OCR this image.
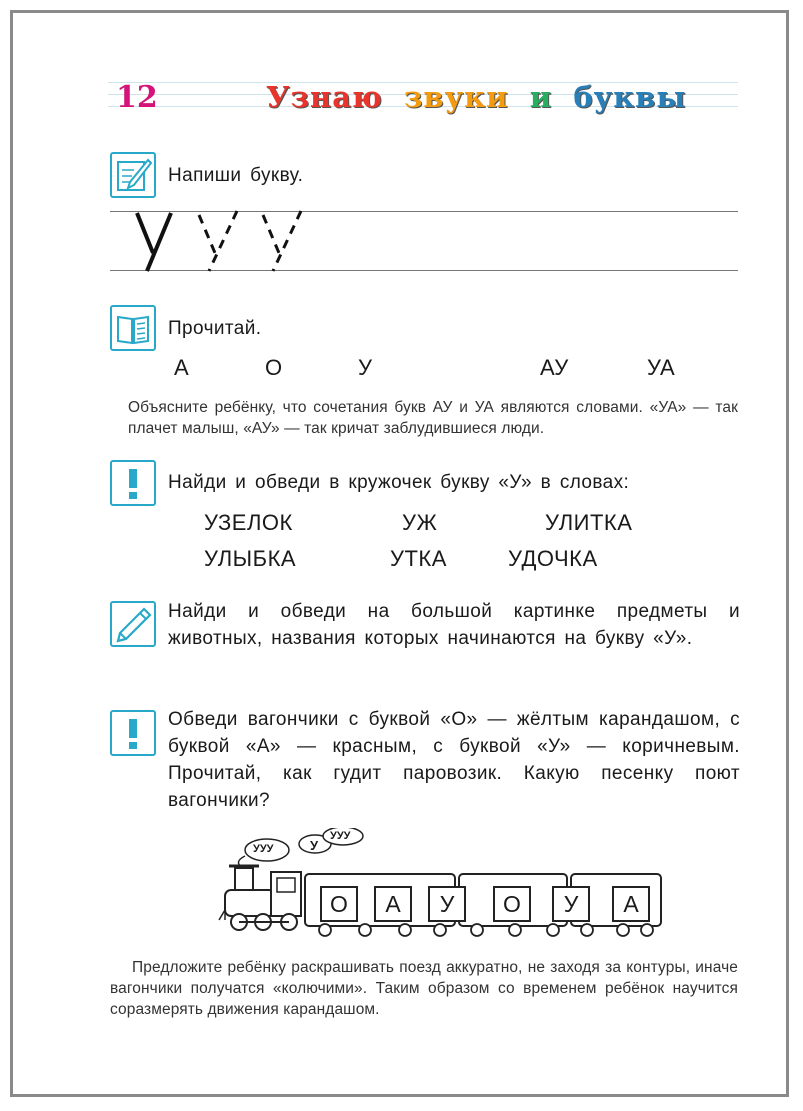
12	Узнаю звуки и буквы
Напиши букву.
Прочитай.
А	О	У	АУ	УА
Объясните ребёнку, что сочетания букв АУ и УА являются словами. «УА» — так плачет малыш, «АУ» — так кричат заблудившиеся люди.
Найди и обведи в кружочек букву «У» в словах:
УЗЕЛОК	УЖ	УЛИТКА
УЛЫБКА	УТКА	УДОЧКА
Найди и обведи на большой картинке предметы и животных, названия которых начинаются на букву «У».
Обведи вагончики с буквой «О» — жёлтым карандашом, с буквой «А» — красным, с буквой «У» — коричневым. Прочитай, как гудит паровозик. Какую песенку поют вагончики?
УУУ	У
УУУ
О	А	У	О	У	А
Предложите ребёнку раскрашивать поезд аккуратно, не заходя за контуры, иначе вагончики получатся «колючими». Таким образом со временем ребёнок научится соразмерять движения карандашом.
